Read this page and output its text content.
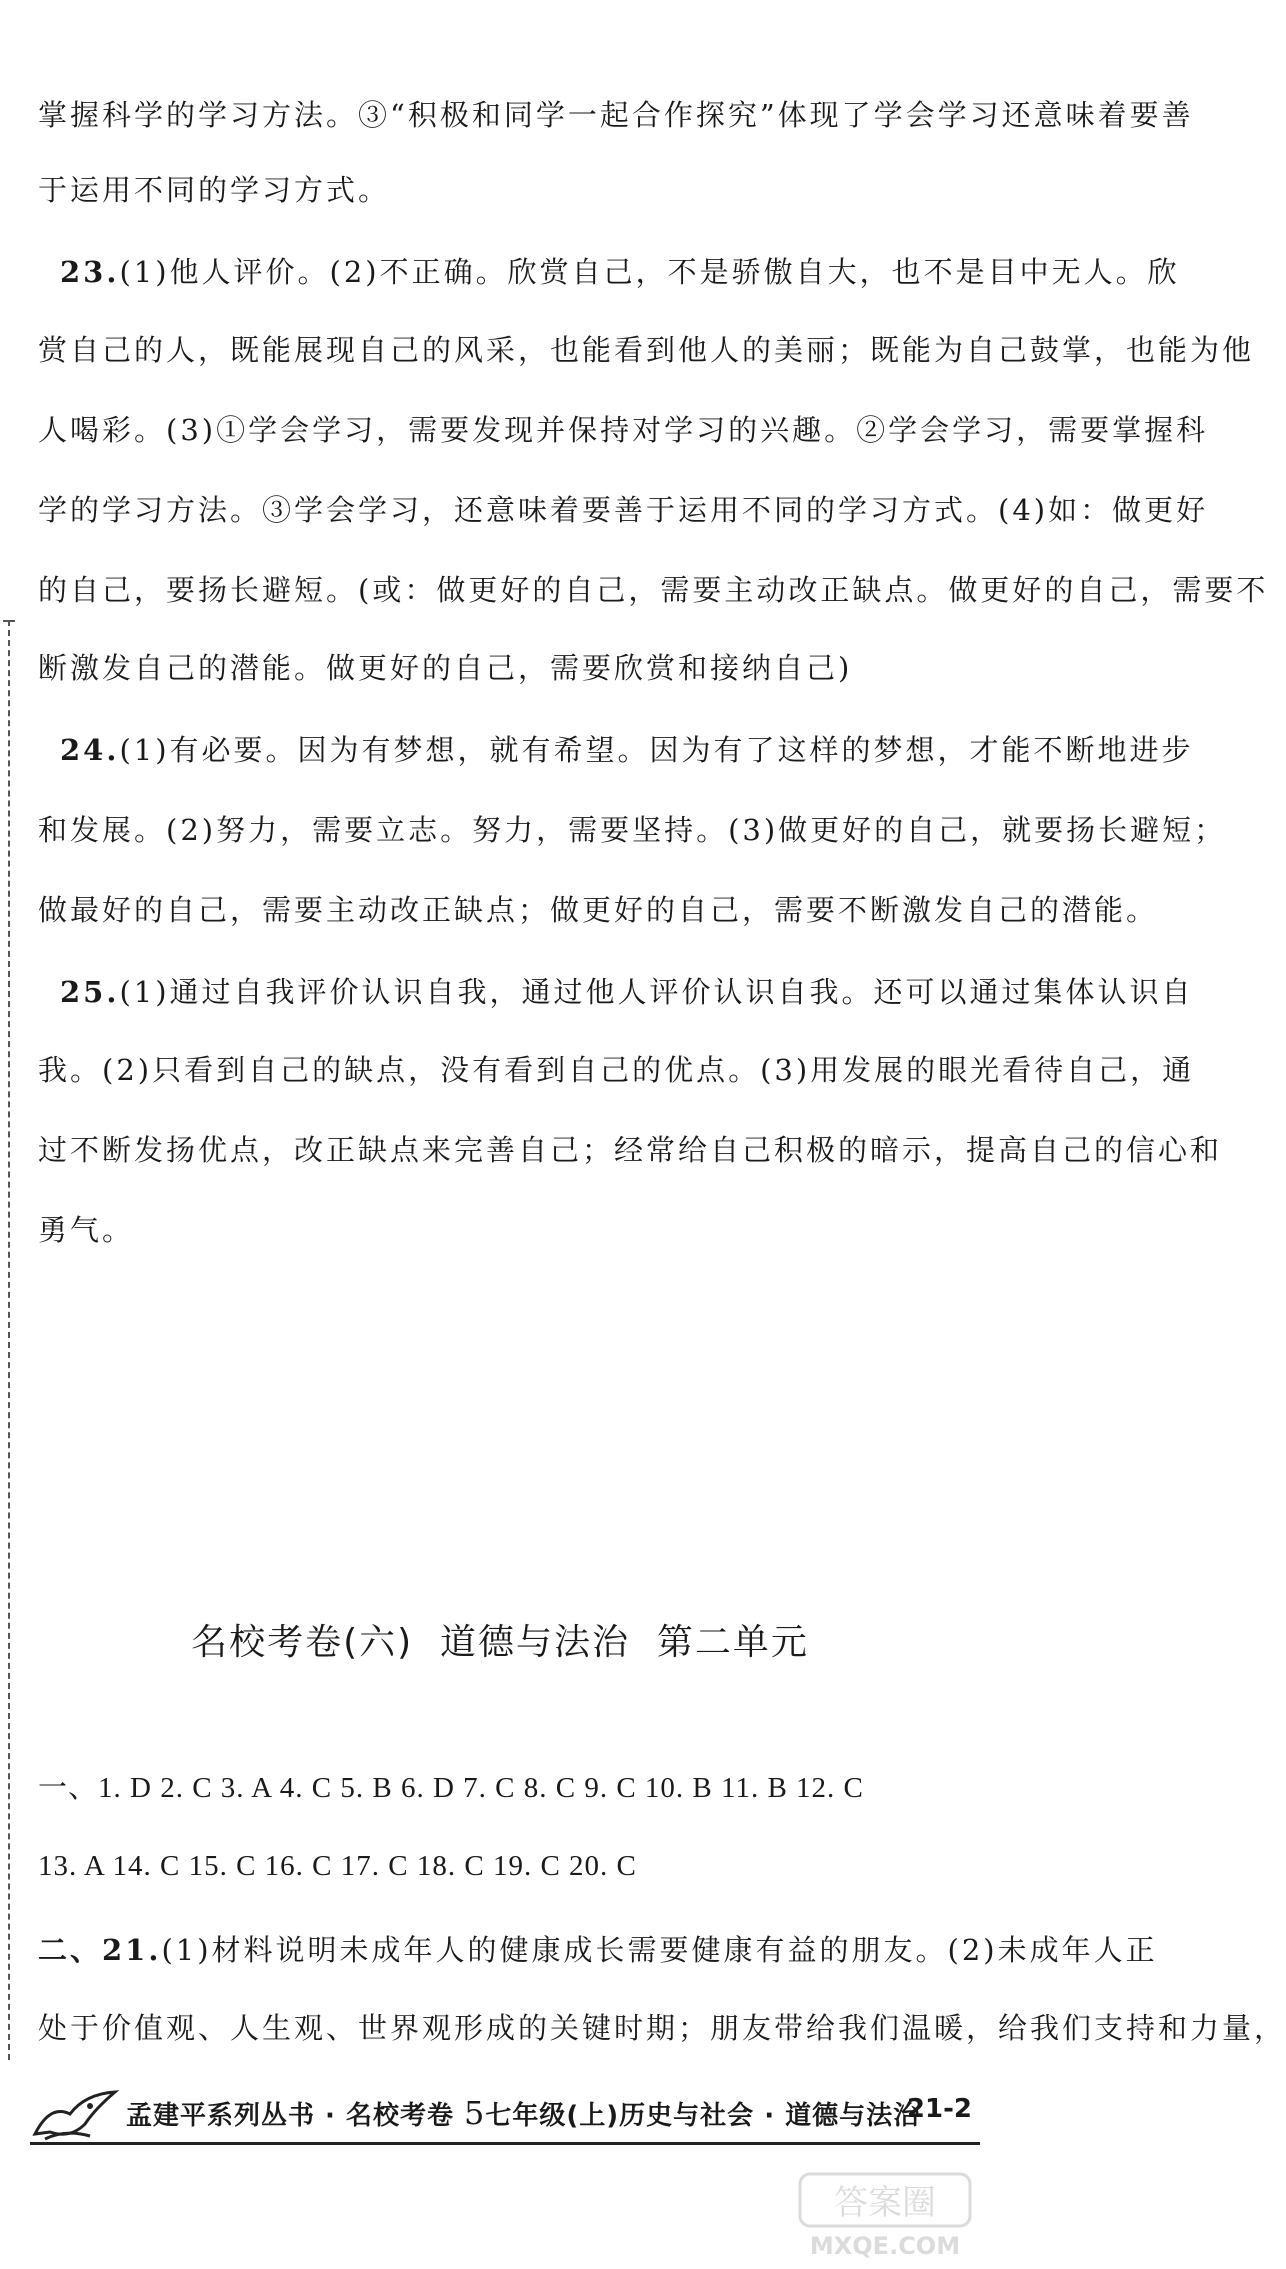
掌握科学的学习方法。③“积极和同学一起合作探究”体现了学会学习还意味着要善
于运用不同的学习方式。
23.(1)他人评价。(2)不正确。欣赏自己，不是骄傲自大，也不是目中无人。欣
赏自己的人，既能展现自己的风采，也能看到他人的美丽；既能为自己鼓掌，也能为他
人喝彩。(3)①学会学习，需要发现并保持对学习的兴趣。②学会学习，需要掌握科
学的学习方法。③学会学习，还意味着要善于运用不同的学习方式。(4)如：做更好
的自己，要扬长避短。(或：做更好的自己，需要主动改正缺点。做更好的自己，需要不
断激发自己的潜能。做更好的自己，需要欣赏和接纳自己)
24.(1)有必要。因为有梦想，就有希望。因为有了这样的梦想，才能不断地进步
和发展。(2)努力，需要立志。努力，需要坚持。(3)做更好的自己，就要扬长避短；
做最好的自己，需要主动改正缺点；做更好的自己，需要不断激发自己的潜能。
25.(1)通过自我评价认识自我，通过他人评价认识自我。还可以通过集体认识自
我。(2)只看到自己的缺点，没有看到自己的优点。(3)用发展的眼光看待自己，通
过不断发扬优点，改正缺点来完善自己；经常给自己积极的暗示，提高自己的信心和
勇气。
名校考卷(六)  道德与法治  第二单元
一、1. D 2. C 3. A 4. C 5. B 6. D 7. C 8. C 9. C 10. B 11. B 12. C
13. A 14. C 15. C 16. C 17. C 18. C 19. C 20. C
二、21.(1)材料说明未成年人的健康成长需要健康有益的朋友。(2)未成年人正
处于价值观、人生观、世界观形成的关键时期；朋友带给我们温暖，给我们支持和力量，
孟建平系列丛书 · 名校考卷 5七年级(上)历史与社会 · 道德与法治
21-2
答案圈
MXQE.COM
